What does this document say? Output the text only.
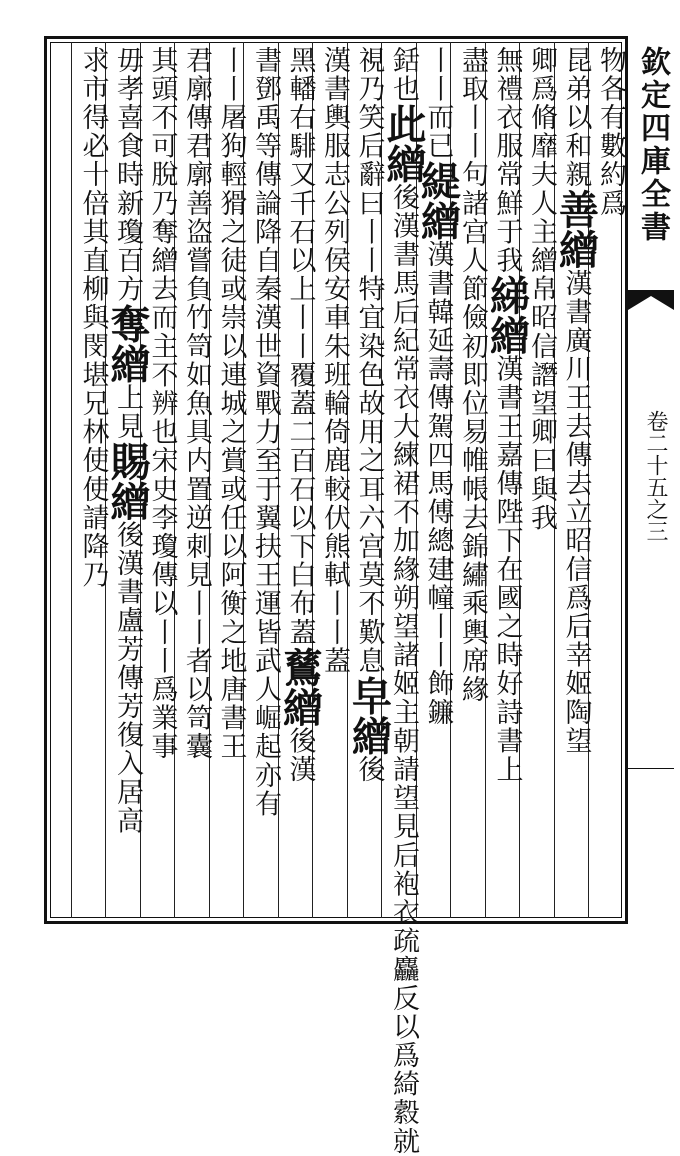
欽定四庫全書
卷二十五之三
物各有數約爲
昆弟以和親善繒漢書廣川王去傳去立昭信爲后幸姬陶望
卿爲脩靡夫人主繒帛昭信譖望卿曰與我
無禮衣服常鮮于我綈繒漢書王嘉傳陛下在國之時好詩書上
盡取丨丨句諸宫人節儉初即位易帷帳去錦繡乘輿席緣
丨丨而已緹繒漢書韓延壽傳駕四馬傅總建幢丨丨飾鐮
銛也此繒後漢書馬后紀常衣大練裙不加緣朔望諸姬主朝請望見后袍衣疏麤反以爲綺縠就
視乃笑后辭曰丨丨特宜染色故用之耳六宫莫不歎息皁繒後
漢書輿服志公列侯安車朱班輪倚鹿較伏熊軾丨丨蓋
黑轓右騑又千石以上丨丨覆蓋二百石以下白布蓋鶿繒後漢
書鄧禹等傳論降自秦漢世資戰力至于翼扶王運皆武人崛起亦有
丨丨屠狗輕猾之徒或崇以連城之賞或任以阿衡之地唐書王
君廓傳君廓善盗嘗負竹笥如魚具内置逆刺見丨丨者以笥囊
其頭不可脫乃奪繒去而主不辨也宋史李瓊傳以丨丨爲業事
毋孝喜食時新瓊百方奪繒上見賜繒後漢書盧芳傳芳復入居高
求市得必十倍其直柳與閔堪兄林使使請降乃
